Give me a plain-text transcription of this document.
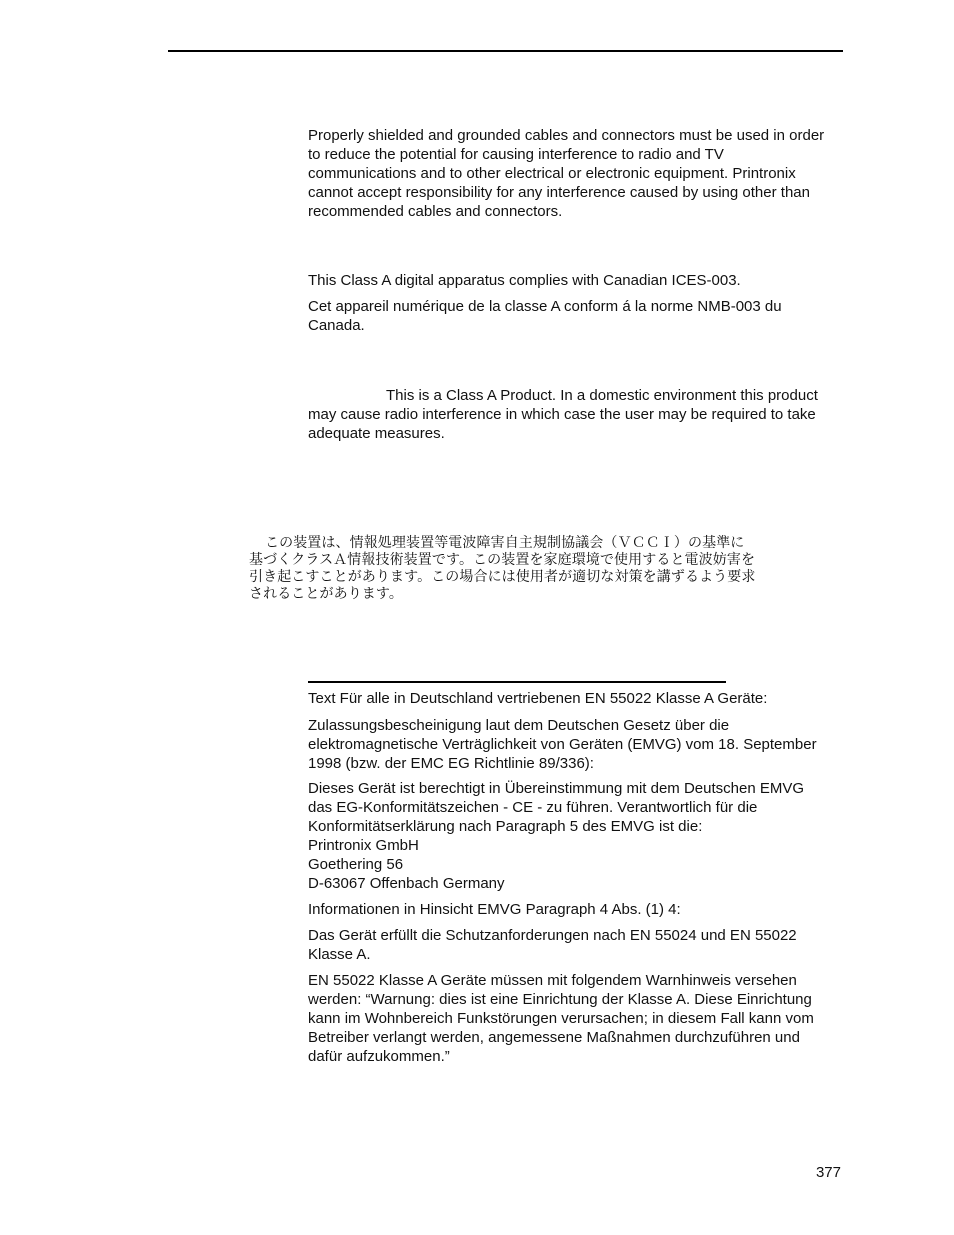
Properly shielded and grounded cables and connectors must be used in order
to reduce the potential for causing interference to radio and TV
communications and to other electrical or electronic equipment. Printronix
cannot accept responsibility for any interference caused by using other than
recommended cables and connectors.

This Class A digital apparatus complies with Canadian ICES-003.

Cet appareil numérique de la classe A conform á la norme NMB-003 du
Canada.

This is a Class A Product. In a domestic environment this product
may cause radio interference in which case the user may be required to take
adequate measures.

この装置は、情報処理装置等電波障害自主規制協議会（ＶＣＣＩ）の基準に
基づくクラスＡ情報技術装置です。この装置を家庭環境で使用すると電波妨害を
引き起こすことがあります。この場合には使用者が適切な対策を講ずるよう要求
されることがあります。

Text Für alle in Deutschland vertriebenen EN 55022 Klasse A Geräte:

Zulassungsbescheinigung laut dem Deutschen Gesetz über die
elektromagnetische Verträglichkeit von Geräten (EMVG) vom 18. September
1998 (bzw. der EMC EG Richtlinie 89/336):

Dieses Gerät ist berechtigt in Übereinstimmung mit dem Deutschen EMVG
das EG-Konformitätszeichen - CE - zu führen. Verantwortlich für die
Konformitätserklärung nach Paragraph 5 des EMVG ist die:
Printronix GmbH
Goethering 56
D-63067 Offenbach Germany

Informationen in Hinsicht EMVG Paragraph 4 Abs. (1) 4:

Das Gerät erfüllt die Schutzanforderungen nach EN 55024 und EN 55022
Klasse A.

EN 55022 Klasse A Geräte müssen mit folgendem Warnhinweis versehen
werden: “Warnung: dies ist eine Einrichtung der Klasse A. Diese Einrichtung
kann im Wohnbereich Funkstörungen verursachen; in diesem Fall kann vom
Betreiber verlangt werden, angemessene Maßnahmen durchzuführen und
dafür aufzukommen.”

377
